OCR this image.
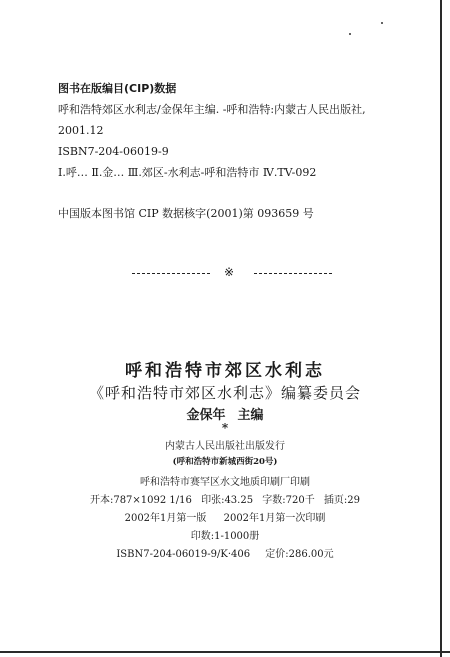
图书在版编目(CIP)数据
呼和浩特郊区水利志/金保年主编. -呼和浩特:内蒙古人民出版社,
2001.12
ISBN7-204-06019-9
Ⅰ.呼… Ⅱ.金… Ⅲ.郊区-水利志-呼和浩特市 Ⅳ.TV-092
中国版本图书馆 CIP 数据核字(2001)第 093659 号
※
呼和浩特市郊区水利志
《呼和浩特市郊区水利志》编纂委员会
金保年 主编
*
内蒙古人民出版社出版发行
(呼和浩特市新城西街20号)
呼和浩特市赛罕区水文地质印刷厂印刷
开本:787×1092 1/16 印张:43.25 字数:720千 插页:29
2002年1月第一版 2002年1月第一次印刷
印数:1-1000册
ISBN7-204-06019-9/K·406 定价:286.00元
